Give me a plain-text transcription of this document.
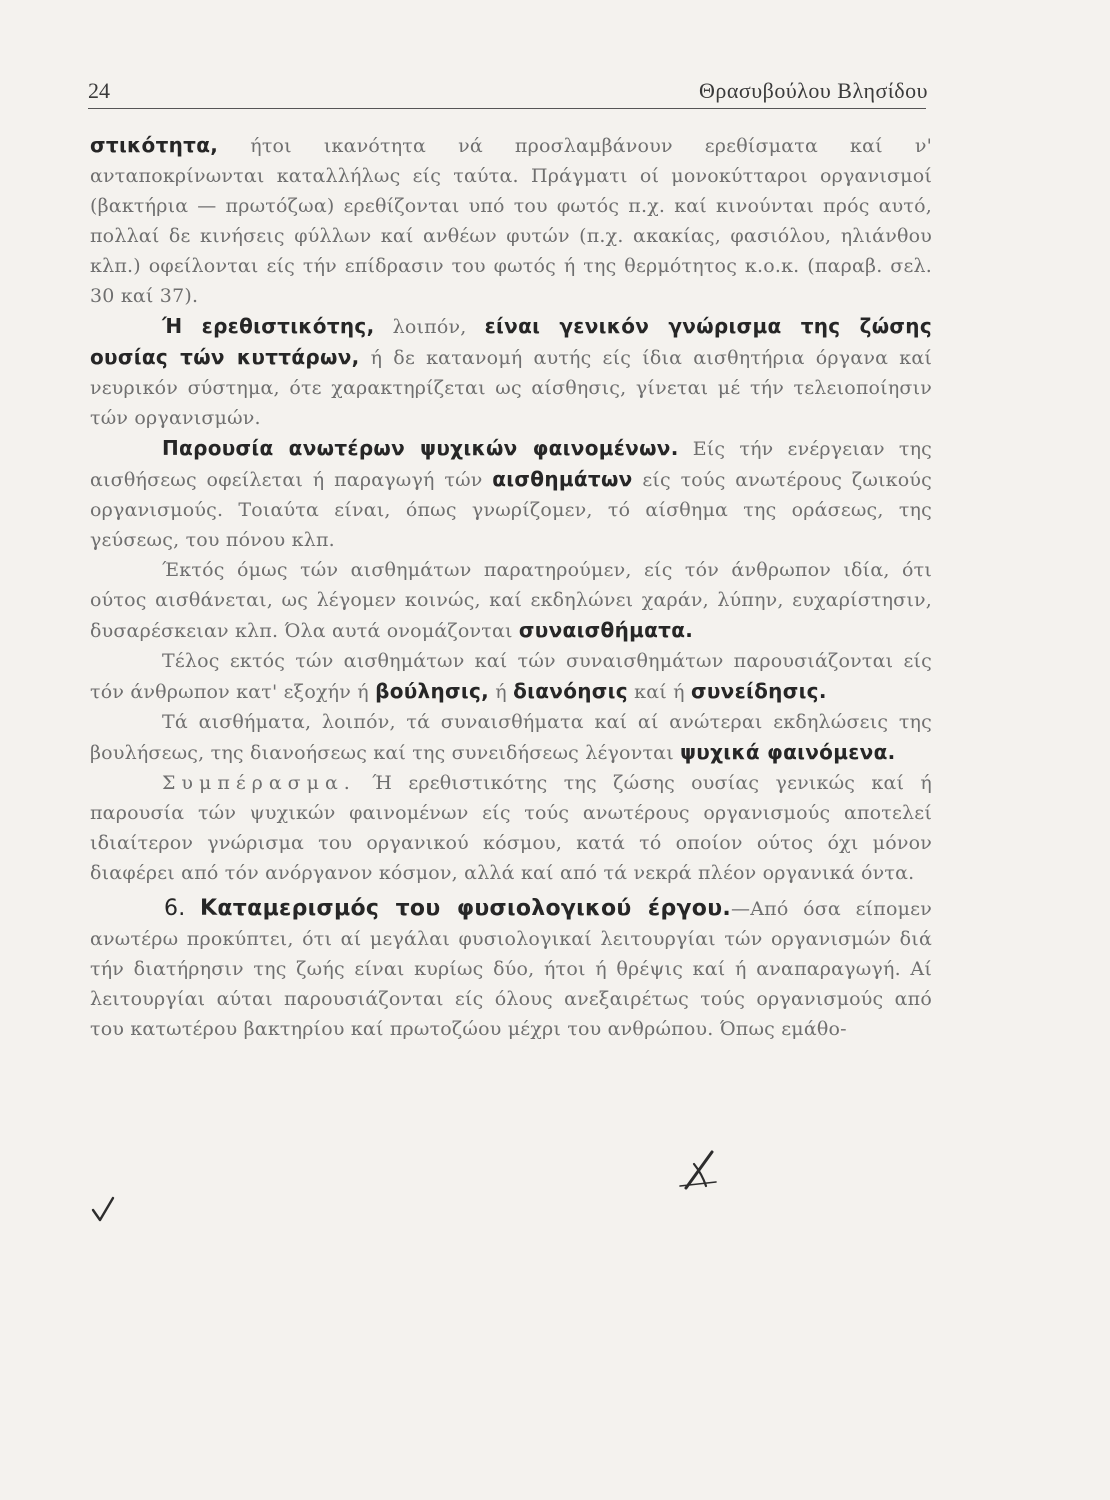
24	Θρασυβούλου Βλησίδου

στικότητα, ήτοι ικανότητα νά προσλαμβάνουν ερεθίσματα καί ν' ανταποκρίνωνται καταλλήλως είς ταύτα. Πράγματι οί μονοκύτταροι οργανισμοί (βακτήρια — πρωτόζωα) ερεθίζονται υπό του φωτός π.χ. καί κινούνται πρός αυτό, πολλαί δε κινήσεις φύλλων καί ανθέων φυτών (π.χ. ακακίας, φασιόλου, ηλιάνθου κλπ.) οφείλονται είς τήν επίδρασιν του φωτός ή της θερμότητος κ.ο.κ. (παραβ. σελ. 30 καί 37).

Ή ερεθιστικότης, λοιπόν, είναι γενικόν γνώρισμα της ζώσης ουσίας τών κυττάρων, ή δε κατανομή αυτής είς ίδια αισθητήρια όργανα καί νευρικόν σύστημα, ότε χαρακτηρίζεται ως αίσθησις, γίνεται μέ τήν τελειοποίησιν τών οργανισμών.

Παρουσία ανωτέρων ψυχικών φαινομένων. Είς τήν ενέργειαν της αισθήσεως οφείλεται ή παραγωγή τών αισθημάτων είς τούς ανωτέρους ζωικούς οργανισμούς. Τοιαύτα είναι, όπως γνωρίζομεν, τό αίσθημα της οράσεως, της γεύσεως, του πόνου κλπ.

Έκτός όμως τών αισθημάτων παρατηρούμεν, είς τόν άνθρωπον ιδία, ότι ούτος αισθάνεται, ως λέγομεν κοινώς, καί εκδηλώνει χαράν, λύπην, ευχαρίστησιν, δυσαρέσκειαν κλπ. Όλα αυτά ονομάζονται συναισθήματα.

Τέλος εκτός τών αισθημάτων καί τών συναισθημάτων παρουσιάζονται είς τόν άνθρωπον κατ' εξοχήν ή βούλησις, ή διανόησις καί ή συνείδησις.

Τά αισθήματα, λοιπόν, τά συναισθήματα καί αί ανώτεραι εκδηλώσεις της βουλήσεως, της διανοήσεως καί της συνειδήσεως λέγονται ψυχικά φαινόμενα.

Συμπέρασμα. Ή ερεθιστικότης της ζώσης ουσίας γενικώς καί ή παρουσία τών ψυχικών φαινομένων είς τούς ανωτέρους οργανισμούς αποτελεί ιδιαίτερον γνώρισμα του οργανικού κόσμου, κατά τό οποίον ούτος όχι μόνον διαφέρει από τόν ανόργανον κόσμον, αλλά καί από τά νεκρά πλέον οργανικά όντα.

6. Καταμερισμός του φυσιολογικού έργου.—Από όσα είπομεν ανωτέρω προκύπτει, ότι αί μεγάλαι φυσιολογικαί λειτουργίαι τών οργανισμών διά τήν διατήρησιν της ζωής είναι κυρίως δύο, ήτοι ή θρέψις καί ή αναπαραγωγή. Αί λειτουργίαι αύται παρουσιάζονται είς όλους ανεξαιρέτως τούς οργανισμούς από του κατωτέρου βακτηρίου καί πρωτοζώου μέχρι του ανθρώπου. Όπως εμάθο-
